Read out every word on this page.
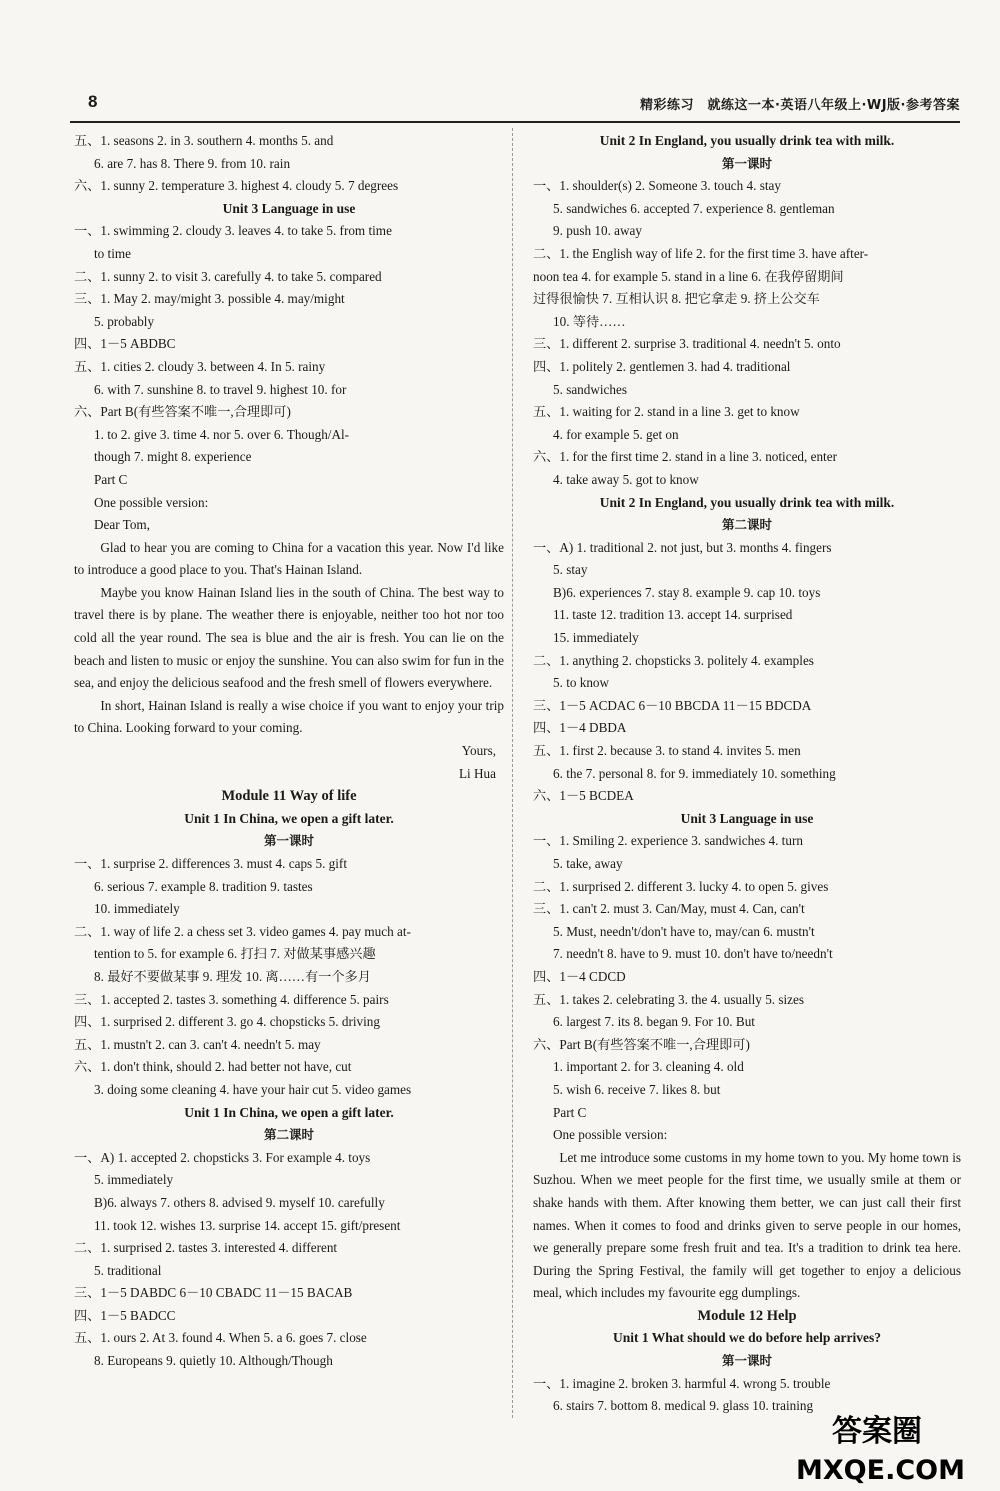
8	精彩练习　就练这一本·英语八年级上·WJ版·参考答案
五、1. seasons 2. in 3. southern 4. months 5. and
6. are 7. has 8. There 9. from 10. rain
六、1. sunny 2. temperature 3. highest 4. cloudy 5. 7 degrees
Unit 3 Language in use
一、1. swimming 2. cloudy 3. leaves 4. to take 5. from time
to time
二、1. sunny 2. to visit 3. carefully 4. to take 5. compared
三、1. May 2. may/might 3. possible 4. may/might
5. probably
四、1－5 ABDBC
五、1. cities 2. cloudy 3. between 4. In 5. rainy
6. with 7. sunshine 8. to travel 9. highest 10. for
六、Part B(有些答案不唯一,合理即可)
1. to 2. give 3. time 4. nor 5. over 6. Though/Al-
though 7. might 8. experience
Part C
One possible version:
Dear Tom,
Glad to hear you are coming to China for a vacation this year. Now I'd like to introduce a good place to you. That's Hainan Island.
Maybe you know Hainan Island lies in the south of China. The best way to travel there is by plane. The weather there is enjoyable, neither too hot nor too cold all the year round. The sea is blue and the air is fresh. You can lie on the beach and listen to music or enjoy the sunshine. You can also swim for fun in the sea, and enjoy the delicious seafood and the fresh smell of flowers everywhere.
In short, Hainan Island is really a wise choice if you want to enjoy your trip to China. Looking forward to your coming.
Yours,
Li Hua
Module 11 Way of life
Unit 1 In China, we open a gift later.
第一课时
一、1. surprise 2. differences 3. must 4. caps 5. gift
6. serious 7. example 8. tradition 9. tastes
10. immediately
二、1. way of life 2. a chess set 3. video games 4. pay much at-
tention to 5. for example 6. 打扫 7. 对做某事感兴趣
8. 最好不要做某事 9. 理发 10. 离……有一个多月
三、1. accepted 2. tastes 3. something 4. difference 5. pairs
四、1. surprised 2. different 3. go 4. chopsticks 5. driving
五、1. mustn't 2. can 3. can't 4. needn't 5. may
六、1. don't think, should 2. had better not have, cut
3. doing some cleaning 4. have your hair cut 5. video games
Unit 1 In China, we open a gift later.
第二课时
一、A) 1. accepted 2. chopsticks 3. For example 4. toys
5. immediately
B)6. always 7. others 8. advised 9. myself 10. carefully
11. took 12. wishes 13. surprise 14. accept 15. gift/present
二、1. surprised 2. tastes 3. interested 4. different
5. traditional
三、1－5 DABDC 6－10 CBADC 11－15 BACAB
四、1－5 BADCC
五、1. ours 2. At 3. found 4. When 5. a 6. goes 7. close
8. Europeans 9. quietly 10. Although/Though
Unit 2 In England, you usually drink tea with milk.
第一课时
一、1. shoulder(s) 2. Someone 3. touch 4. stay
5. sandwiches 6. accepted 7. experience 8. gentleman
9. push 10. away
二、1. the English way of life 2. for the first time 3. have after-
noon tea 4. for example 5. stand in a line 6. 在我停留期间
过得很愉快 7. 互相认识 8. 把它拿走 9. 挤上公交车
10. 等待……
三、1. different 2. surprise 3. traditional 4. needn't 5. onto
四、1. politely 2. gentlemen 3. had 4. traditional
5. sandwiches
五、1. waiting for 2. stand in a line 3. get to know
4. for example 5. get on
六、1. for the first time 2. stand in a line 3. noticed, enter
4. take away 5. got to know
Unit 2 In England, you usually drink tea with milk.
第二课时
一、A) 1. traditional 2. not just, but 3. months 4. fingers
5. stay
B)6. experiences 7. stay 8. example 9. cap 10. toys
11. taste 12. tradition 13. accept 14. surprised
15. immediately
二、1. anything 2. chopsticks 3. politely 4. examples
5. to know
三、1－5 ACDAC 6－10 BBCDA 11－15 BDCDA
四、1－4 DBDA
五、1. first 2. because 3. to stand 4. invites 5. men
6. the 7. personal 8. for 9. immediately 10. something
六、1－5 BCDEA
Unit 3 Language in use
一、1. Smiling 2. experience 3. sandwiches 4. turn
5. take, away
二、1. surprised 2. different 3. lucky 4. to open 5. gives
三、1. can't 2. must 3. Can/May, must 4. Can, can't
5. Must, needn't/don't have to, may/can 6. mustn't
7. needn't 8. have to 9. must 10. don't have to/needn't
四、1－4 CDCD
五、1. takes 2. celebrating 3. the 4. usually 5. sizes
6. largest 7. its 8. began 9. For 10. But
六、Part B(有些答案不唯一,合理即可)
1. important 2. for 3. cleaning 4. old
5. wish 6. receive 7. likes 8. but
Part C
One possible version:
Let me introduce some customs in my home town to you. My home town is Suzhou. When we meet people for the first time, we usually smile at them or shake hands with them. After knowing them better, we can just call their first names. When it comes to food and drinks given to serve people in our homes, we generally prepare some fresh fruit and tea. It's a tradition to drink tea here. During the Spring Festival, the family will get together to enjoy a delicious meal, which includes my favourite egg dumplings.
Module 12 Help
Unit 1 What should we do before help arrives?
第一课时
一、1. imagine 2. broken 3. harmful 4. wrong 5. trouble
6. stairs 7. bottom 8. medical 9. glass 10. training
答案圈
MXQE.COM
